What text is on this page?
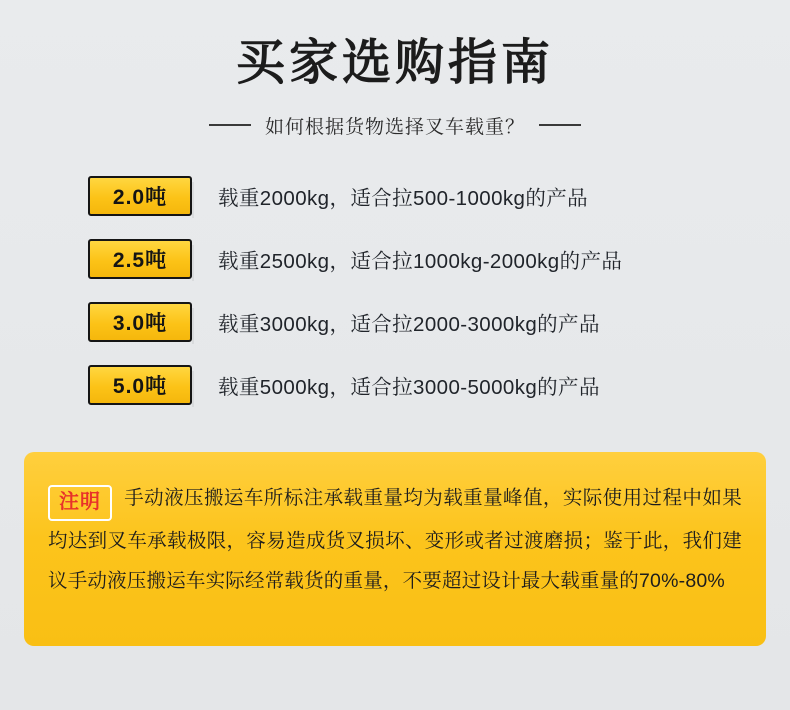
买家选购指南
如何根据货物选择叉车载重？
2.0吨	载重2000kg，适合拉500-1000kg的产品
2.5吨	载重2500kg，适合拉1000kg-2000kg的产品
3.0吨	载重3000kg，适合拉2000-3000kg的产品
5.0吨	载重5000kg，适合拉3000-5000kg的产品
注明 手动液压搬运车所标注承载重量均为载重量峰值，实际使用过程中如果均达到叉车承载极限，容易造成货叉损坏、变形或者过渡磨损；鉴于此，我们建议手动液压搬运车实际经常载货的重量，不要超过设计最大载重量的70%-80%
